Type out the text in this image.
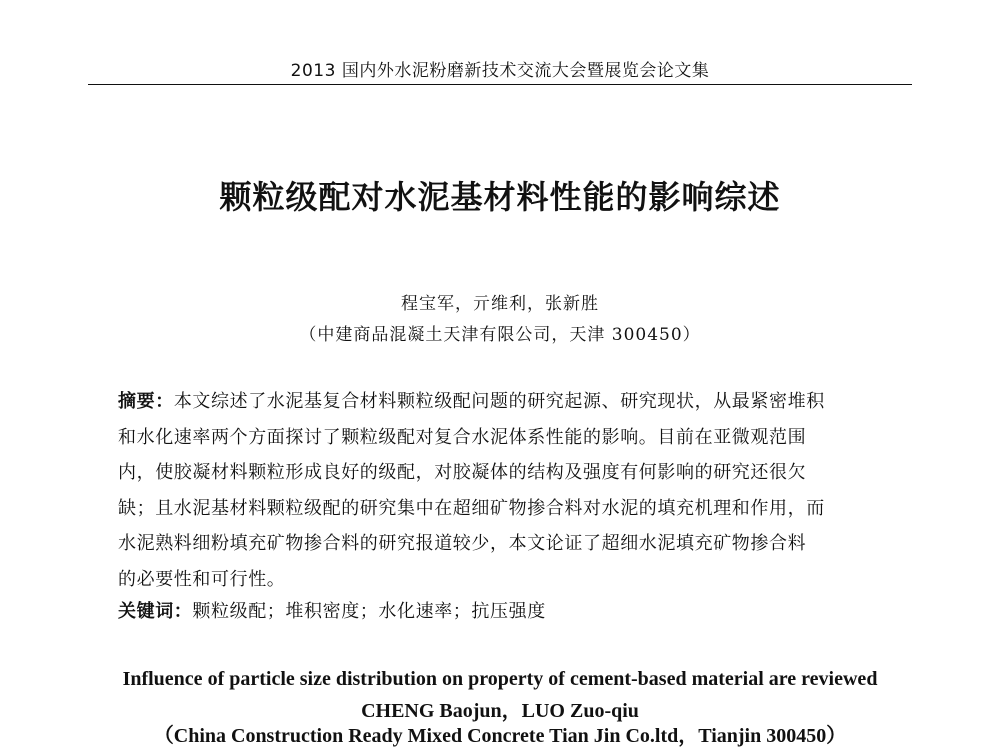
2013 国内外水泥粉磨新技术交流大会暨展览会论文集
颗粒级配对水泥基材料性能的影响综述
程宝军，亓维利，张新胜
（中建商品混凝土天津有限公司，天津 300450）
摘要：本文综述了水泥基复合材料颗粒级配问题的研究起源、研究现状，从最紧密堆积
和水化速率两个方面探讨了颗粒级配对复合水泥体系性能的影响。目前在亚微观范围
内，使胶凝材料颗粒形成良好的级配，对胶凝体的结构及强度有何影响的研究还很欠
缺；且水泥基材料颗粒级配的研究集中在超细矿物掺合料对水泥的填充机理和作用，而
水泥熟料细粉填充矿物掺合料的研究报道较少，本文论证了超细水泥填充矿物掺合料
的必要性和可行性。
关键词：颗粒级配；堆积密度；水化速率；抗压强度
Influence of particle size distribution on property of cement-based material are reviewed
CHENG Baojun，LUO Zuo-qiu
（China Construction Ready Mixed Concrete Tian Jin Co.ltd，Tianjin 300450）
